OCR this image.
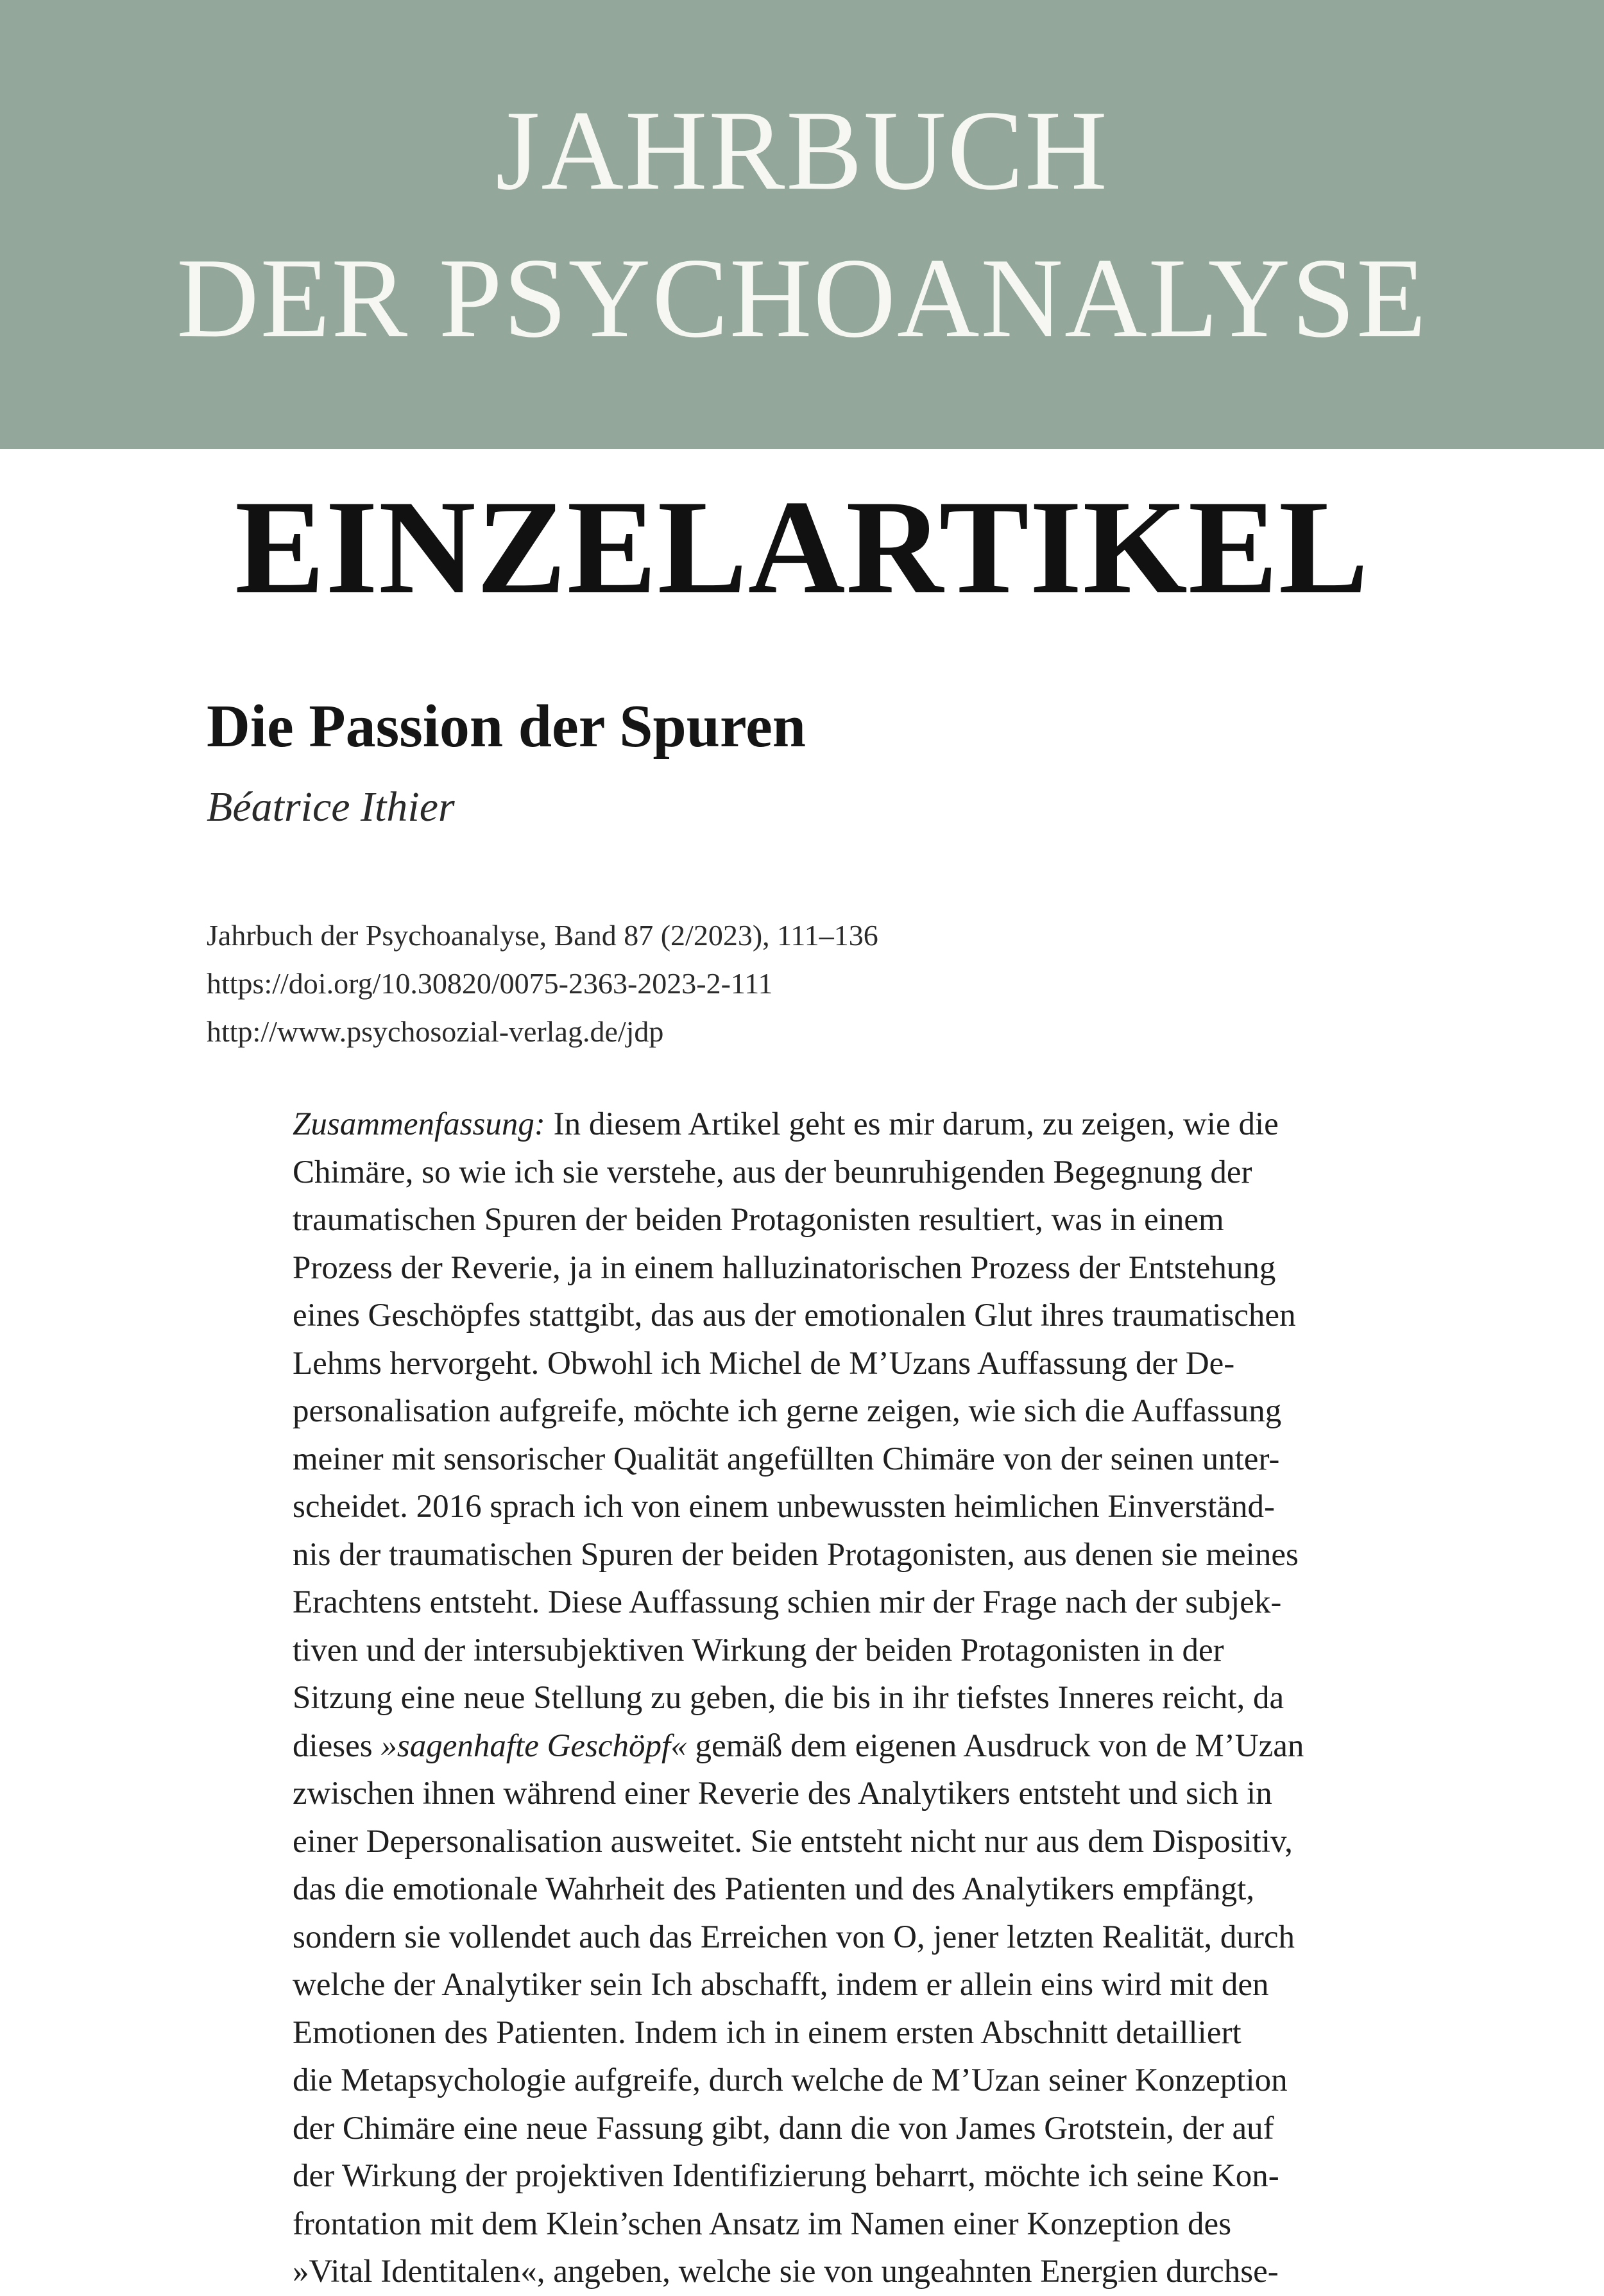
JAHRBUCH
DER PSYCHOANALYSE
EINZELARTIKEL
Die Passion der Spuren
Béatrice Ithier
Jahrbuch der Psychoanalyse, Band 87 (2/2023), 111–136
https://doi.org/10.30820/0075-2363-2023-2-111
http://www.psychosozial-verlag.de/jdp
Zusammenfassung: In diesem Artikel geht es mir darum, zu zeigen, wie die
Chimäre, so wie ich sie verstehe, aus der beunruhigenden Begegnung der
traumatischen Spuren der beiden Protagonisten resultiert, was in einem
Prozess der Reverie, ja in einem halluzinatorischen Prozess der Entstehung
eines Geschöpfes stattgibt, das aus der emotionalen Glut ihres traumatischen
Lehms hervorgeht. Obwohl ich Michel de M’Uzans Auffassung der De-
personalisation aufgreife, möchte ich gerne zeigen, wie sich die Auffassung
meiner mit sensorischer Qualität angefüllten Chimäre von der seinen unter-
scheidet. 2016 sprach ich von einem unbewussten heimlichen Einverständ-
nis der traumatischen Spuren der beiden Protagonisten, aus denen sie meines
Erachtens entsteht. Diese Auffassung schien mir der Frage nach der subjek-
tiven und der intersubjektiven Wirkung der beiden Protagonisten in der
Sitzung eine neue Stellung zu geben, die bis in ihr tiefstes Inneres reicht, da
dieses »sagenhafte Geschöpf« gemäß dem eigenen Ausdruck von de M’Uzan
zwischen ihnen während einer Reverie des Analytikers entsteht und sich in
einer Depersonalisation ausweitet. Sie entsteht nicht nur aus dem Dispositiv,
das die emotionale Wahrheit des Patienten und des Analytikers empfängt,
sondern sie vollendet auch das Erreichen von O, jener letzten Realität, durch
welche der Analytiker sein Ich abschafft, indem er allein eins wird mit den
Emotionen des Patienten. Indem ich in einem ersten Abschnitt detailliert
die Metapsychologie aufgreife, durch welche de M’Uzan seiner Konzeption
der Chimäre eine neue Fassung gibt, dann die von James Grotstein, der auf
der Wirkung der projektiven Identifizierung beharrt, möchte ich seine Kon-
frontation mit dem Klein’schen Ansatz im Namen einer Konzeption des
»Vital Identitalen«, angeben, welche sie von ungeahnten Energien durchse-
